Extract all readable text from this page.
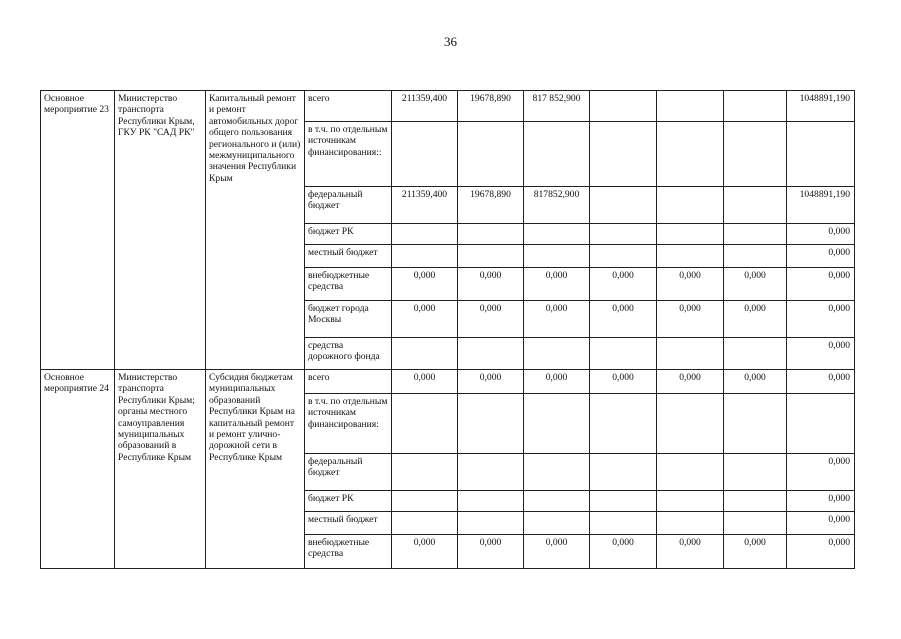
36
Основное мероприятие 23	Министерство транспорта Республики Крым, ГКУ РК "САД РК"	Капитальный ремонт и ремонт автомобильных дорог общего пользования регионального и (или) межмуниципального значения Республики Крым	всего	211359,400	19678,890	817 852,900				1048891,190
			в т.ч. по отдельным источникам финансирования::							
			федеральный бюджет	211359,400	19678,890	817852,900				1048891,190
			бюджет РК							0,000
			местный бюджет							0,000
			внебюджетные средства	0,000	0,000	0,000	0,000	0,000	0,000	0,000
			бюджет города Москвы	0,000	0,000	0,000	0,000	0,000	0,000	0,000
			средства дорожного фонда							0,000
Основное мероприятие 24	Министерство транспорта Республики Крым; органы местного самоуправления муниципальных образований в Республике Крым	Субсидия бюджетам муниципальных образований Республики Крым на капитальный ремонт и ремонт улично-дорожной сети в Республике Крым	всего	0,000	0,000	0,000	0,000	0,000	0,000	0,000
			в т.ч. по отдельным источникам финансирования:							
			федеральный бюджет							0,000
			бюджет РК							0,000
			местный бюджет							0,000
			внебюджетные средства	0,000	0,000	0,000	0,000	0,000	0,000	0,000
